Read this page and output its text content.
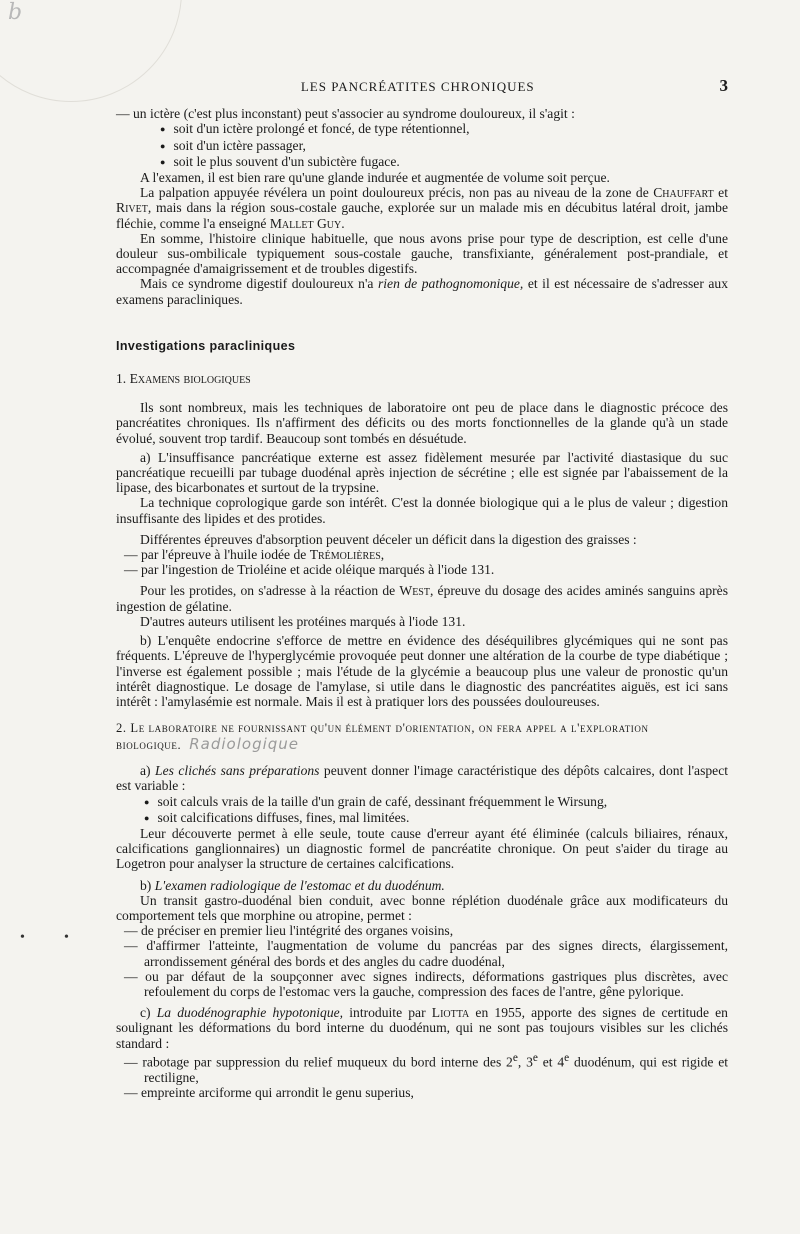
b
•	•
LES PANCRÉATITES CHRONIQUES	3

— un ictère (c'est plus inconstant) peut s'associer au syndrome douloureux, il s'agit :

● soit d'un ictère prolongé et foncé, de type rétentionnel,

● soit d'un ictère passager,

● soit le plus souvent d'un subictère fugace.

A l'examen, il est bien rare qu'une glande indurée et augmentée de volume soit perçue.

La palpation appuyée révélera un point douloureux précis, non pas au niveau de la zone de Chauffart et Rivet, mais dans la région sous-costale gauche, explorée sur un malade mis en décubitus latéral droit, jambe fléchie, comme l'a enseigné Mallet Guy.

En somme, l'histoire clinique habituelle, que nous avons prise pour type de description, est celle d'une douleur sus-ombilicale typiquement sous-costale gauche, transfixiante, généralement post-prandiale, et accompagnée d'amaigrissement et de troubles digestifs.

Mais ce syndrome digestif douloureux n'a rien de pathognomonique, et il est nécessaire de s'adresser aux examens paracliniques.

Investigations paracliniques
1. Examens biologiques

Ils sont nombreux, mais les techniques de laboratoire ont peu de place dans le diagnostic précoce des pancréatites chroniques. Ils n'affirment des déficits ou des morts fonctionnelles de la glande qu'à un stade évolué, souvent trop tardif. Beaucoup sont tombés en désuétude.

a) L'insuffisance pancréatique externe est assez fidèlement mesurée par l'activité diastasique du suc pancréatique recueilli par tubage duodénal après injection de sécrétine ; elle est signée par l'abaissement de la lipase, des bicarbonates et surtout de la trypsine.

La technique coprologique garde son intérêt. C'est la donnée biologique qui a le plus de valeur ; digestion insuffisante des lipides et des protides.

Différentes épreuves d'absorption peuvent déceler un déficit dans la digestion des graisses :

— par l'épreuve à l'huile iodée de Trémolières,

— par l'ingestion de Trioléine et acide oléique marqués à l'iode 131.

Pour les protides, on s'adresse à la réaction de West, épreuve du dosage des acides aminés sanguins après ingestion de gélatine.

D'autres auteurs utilisent les protéines marqués à l'iode 131.

b) L'enquête endocrine s'efforce de mettre en évidence des déséquilibres glycémiques qui ne sont pas fréquents. L'épreuve de l'hyperglycémie provoquée peut donner une altération de la courbe de type diabétique ; l'inverse est également possible ; mais l'étude de la glycémie a beaucoup plus une valeur de pronostic qu'un intérêt diagnostique. Le dosage de l'amylase, si utile dans le diagnostic des pancréatites aiguës, est ici sans intérêt : l'amylasémie est normale. Mais il est à pratiquer lors des poussées douloureuses.

2. Le laboratoire ne fournissant qu'un élément d'orientation, on fera appel a l'exploration biologique. Radiologique

a) Les clichés sans préparations peuvent donner l'image caractéristique des dépôts calcaires, dont l'aspect est variable :

● soit calculs vrais de la taille d'un grain de café, dessinant fréquemment le Wirsung,

● soit calcifications diffuses, fines, mal limitées.

Leur découverte permet à elle seule, toute cause d'erreur ayant été éliminée (calculs biliaires, rénaux, calcifications ganglionnaires) un diagnostic formel de pancréatite chronique. On peut s'aider du tirage au Logetron pour analyser la structure de certaines calcifications.

b) L'examen radiologique de l'estomac et du duodénum.

Un transit gastro-duodénal bien conduit, avec bonne réplétion duodénale grâce aux modificateurs du comportement tels que morphine ou atropine, permet :

— de préciser en premier lieu l'intégrité des organes voisins,

— d'affirmer l'atteinte, l'augmentation de volume du pancréas par des signes directs, élargissement, arrondissement général des bords et des angles du cadre duodénal,

— ou par défaut de la soupçonner avec signes indirects, déformations gastriques plus discrètes, avec refoulement du corps de l'estomac vers la gauche, compression des faces de l'antre, gêne pylorique.

c) La duodénographie hypotonique, introduite par Liotta en 1955, apporte des signes de certitude en soulignant les déformations du bord interne du duodénum, qui ne sont pas toujours visibles sur les clichés standard :

— rabotage par suppression du relief muqueux du bord interne des 2e, 3e et 4e duodénum, qui est rigide et rectiligne,

— empreinte arciforme qui arrondit le genu superius,
